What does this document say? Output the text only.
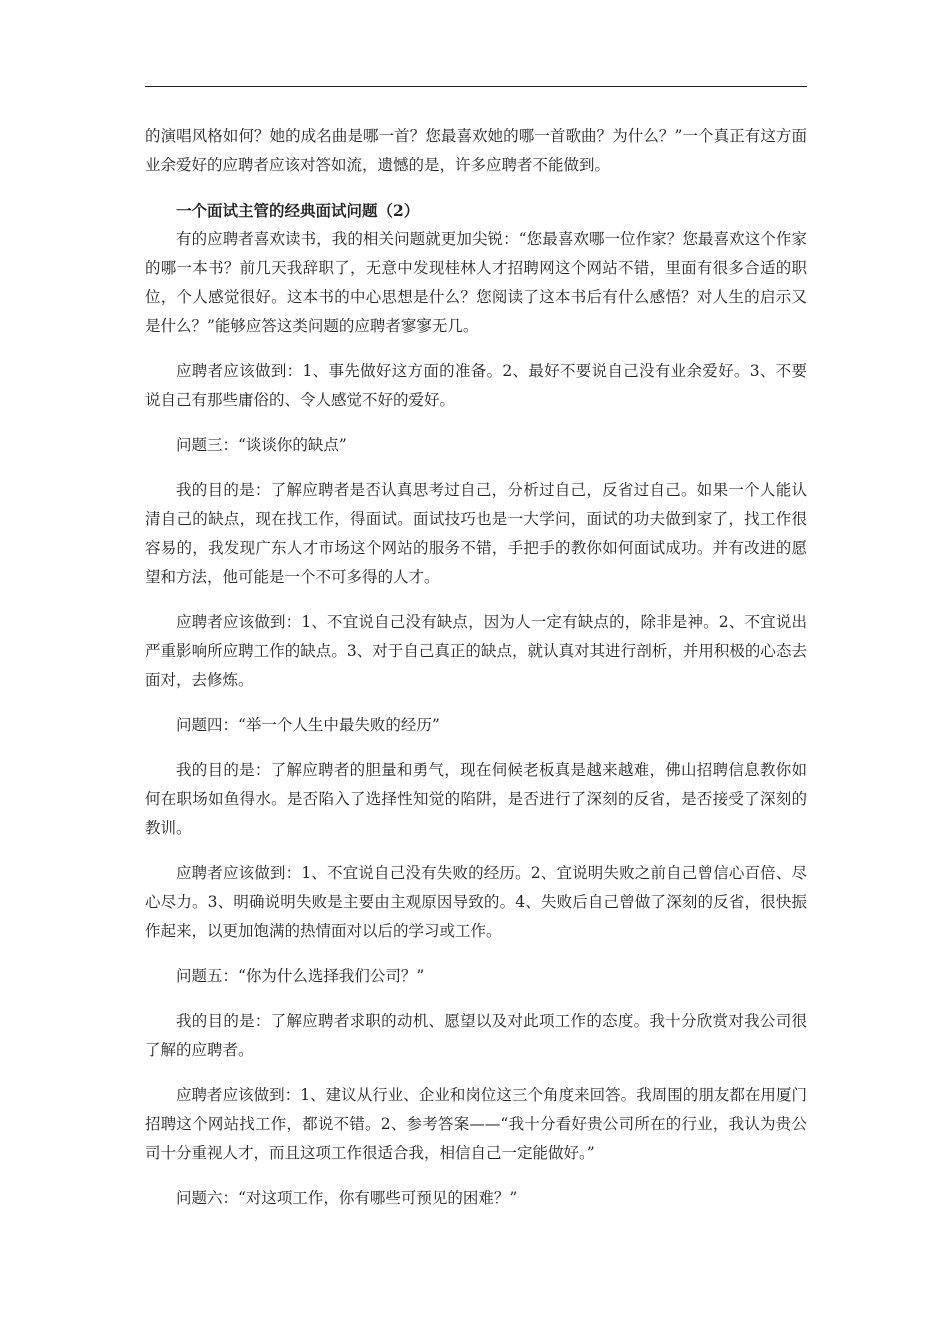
的演唱风格如何？她的成名曲是哪一首？您最喜欢她的哪一首歌曲？为什么？”一个真正有这方面业余爱好的应聘者应该对答如流，遗憾的是，许多应聘者不能做到。

一个面试主管的经典面试问题（2）

有的应聘者喜欢读书，我的相关问题就更加尖锐：“您最喜欢哪一位作家？您最喜欢这个作家的哪一本书？前几天我辞职了，无意中发现桂林人才招聘网这个网站不错，里面有很多合适的职位，个人感觉很好。这本书的中心思想是什么？您阅读了这本书后有什么感悟？对人生的启示又是什么？”能够应答这类问题的应聘者寥寥无几。

应聘者应该做到：1、事先做好这方面的准备。2、最好不要说自己没有业余爱好。3、不要说自己有那些庸俗的、令人感觉不好的爱好。

问题三：“谈谈你的缺点”

我的目的是：了解应聘者是否认真思考过自己，分析过自己，反省过自己。如果一个人能认清自己的缺点，现在找工作，得面试。面试技巧也是一大学问，面试的功夫做到家了，找工作很容易的，我发现广东人才市场这个网站的服务不错，手把手的教你如何面试成功。并有改进的愿望和方法，他可能是一个不可多得的人才。

应聘者应该做到：1、不宜说自己没有缺点，因为人一定有缺点的，除非是神。2、不宜说出严重影响所应聘工作的缺点。3、对于自己真正的缺点，就认真对其进行剖析，并用积极的心态去面对，去修炼。

问题四：“举一个人生中最失败的经历”

我的目的是：了解应聘者的胆量和勇气，现在伺候老板真是越来越难，佛山招聘信息教你如何在职场如鱼得水。是否陷入了选择性知觉的陷阱，是否进行了深刻的反省，是否接受了深刻的教训。

应聘者应该做到：1、不宜说自己没有失败的经历。2、宜说明失败之前自己曾信心百倍、尽心尽力。3、明确说明失败是主要由主观原因导致的。4、失败后自己曾做了深刻的反省，很快振作起来，以更加饱满的热情面对以后的学习或工作。

问题五：“你为什么选择我们公司？”

我的目的是：了解应聘者求职的动机、愿望以及对此项工作的态度。我十分欣赏对我公司很了解的应聘者。

应聘者应该做到：1、建议从行业、企业和岗位这三个角度来回答。我周围的朋友都在用厦门招聘这个网站找工作，都说不错。2、参考答案——“我十分看好贵公司所在的行业，我认为贵公司十分重视人才，而且这项工作很适合我，相信自己一定能做好。”

问题六：“对这项工作，你有哪些可预见的困难？”
